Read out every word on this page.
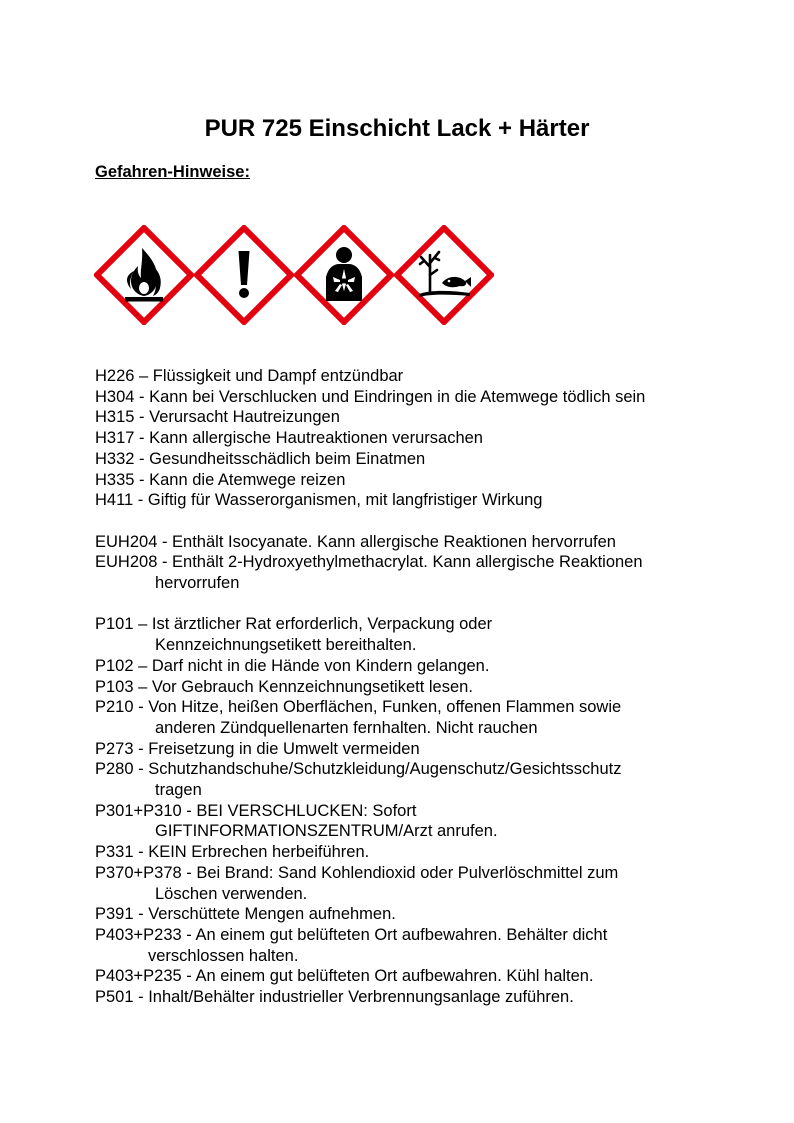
PUR 725 Einschicht Lack + Härter

Gefahren-Hinweise:

H226 – Flüssigkeit und Dampf entzündbar
H304 - Kann bei Verschlucken und Eindringen in die Atemwege tödlich sein
H315 - Verursacht Hautreizungen
H317 - Kann allergische Hautreaktionen verursachen
H332 - Gesundheitsschädlich beim Einatmen
H335 - Kann die Atemwege reizen
H411 - Giftig für Wasserorganismen, mit langfristiger Wirkung
EUH204 - Enthält Isocyanate. Kann allergische Reaktionen hervorrufen
EUH208 - Enthält 2-Hydroxyethylmethacrylat. Kann allergische Reaktionen
hervorrufen
P101 – Ist ärztlicher Rat erforderlich, Verpackung oder
Kennzeichnungsetikett bereithalten.
P102 – Darf nicht in die Hände von Kindern gelangen.
P103 – Vor Gebrauch Kennzeichnungsetikett lesen.
P210 - Von Hitze, heißen Oberflächen, Funken, offenen Flammen sowie
anderen Zündquellenarten fernhalten. Nicht rauchen
P273 - Freisetzung in die Umwelt vermeiden
P280 - Schutzhandschuhe/Schutzkleidung/Augenschutz/Gesichtsschutz
tragen
P301+P310 - BEI VERSCHLUCKEN: Sofort
GIFTINFORMATIONSZENTRUM/Arzt anrufen.
P331 - KEIN Erbrechen herbeiführen.
P370+P378 - Bei Brand: Sand Kohlendioxid oder Pulverlöschmittel zum
Löschen verwenden.
P391 - Verschüttete Mengen aufnehmen.
P403+P233 - An einem gut belüfteten Ort aufbewahren. Behälter dicht
verschlossen halten.
P403+P235 - An einem gut belüfteten Ort aufbewahren. Kühl halten.
P501 - Inhalt/Behälter industrieller Verbrennungsanlage zuführen.
